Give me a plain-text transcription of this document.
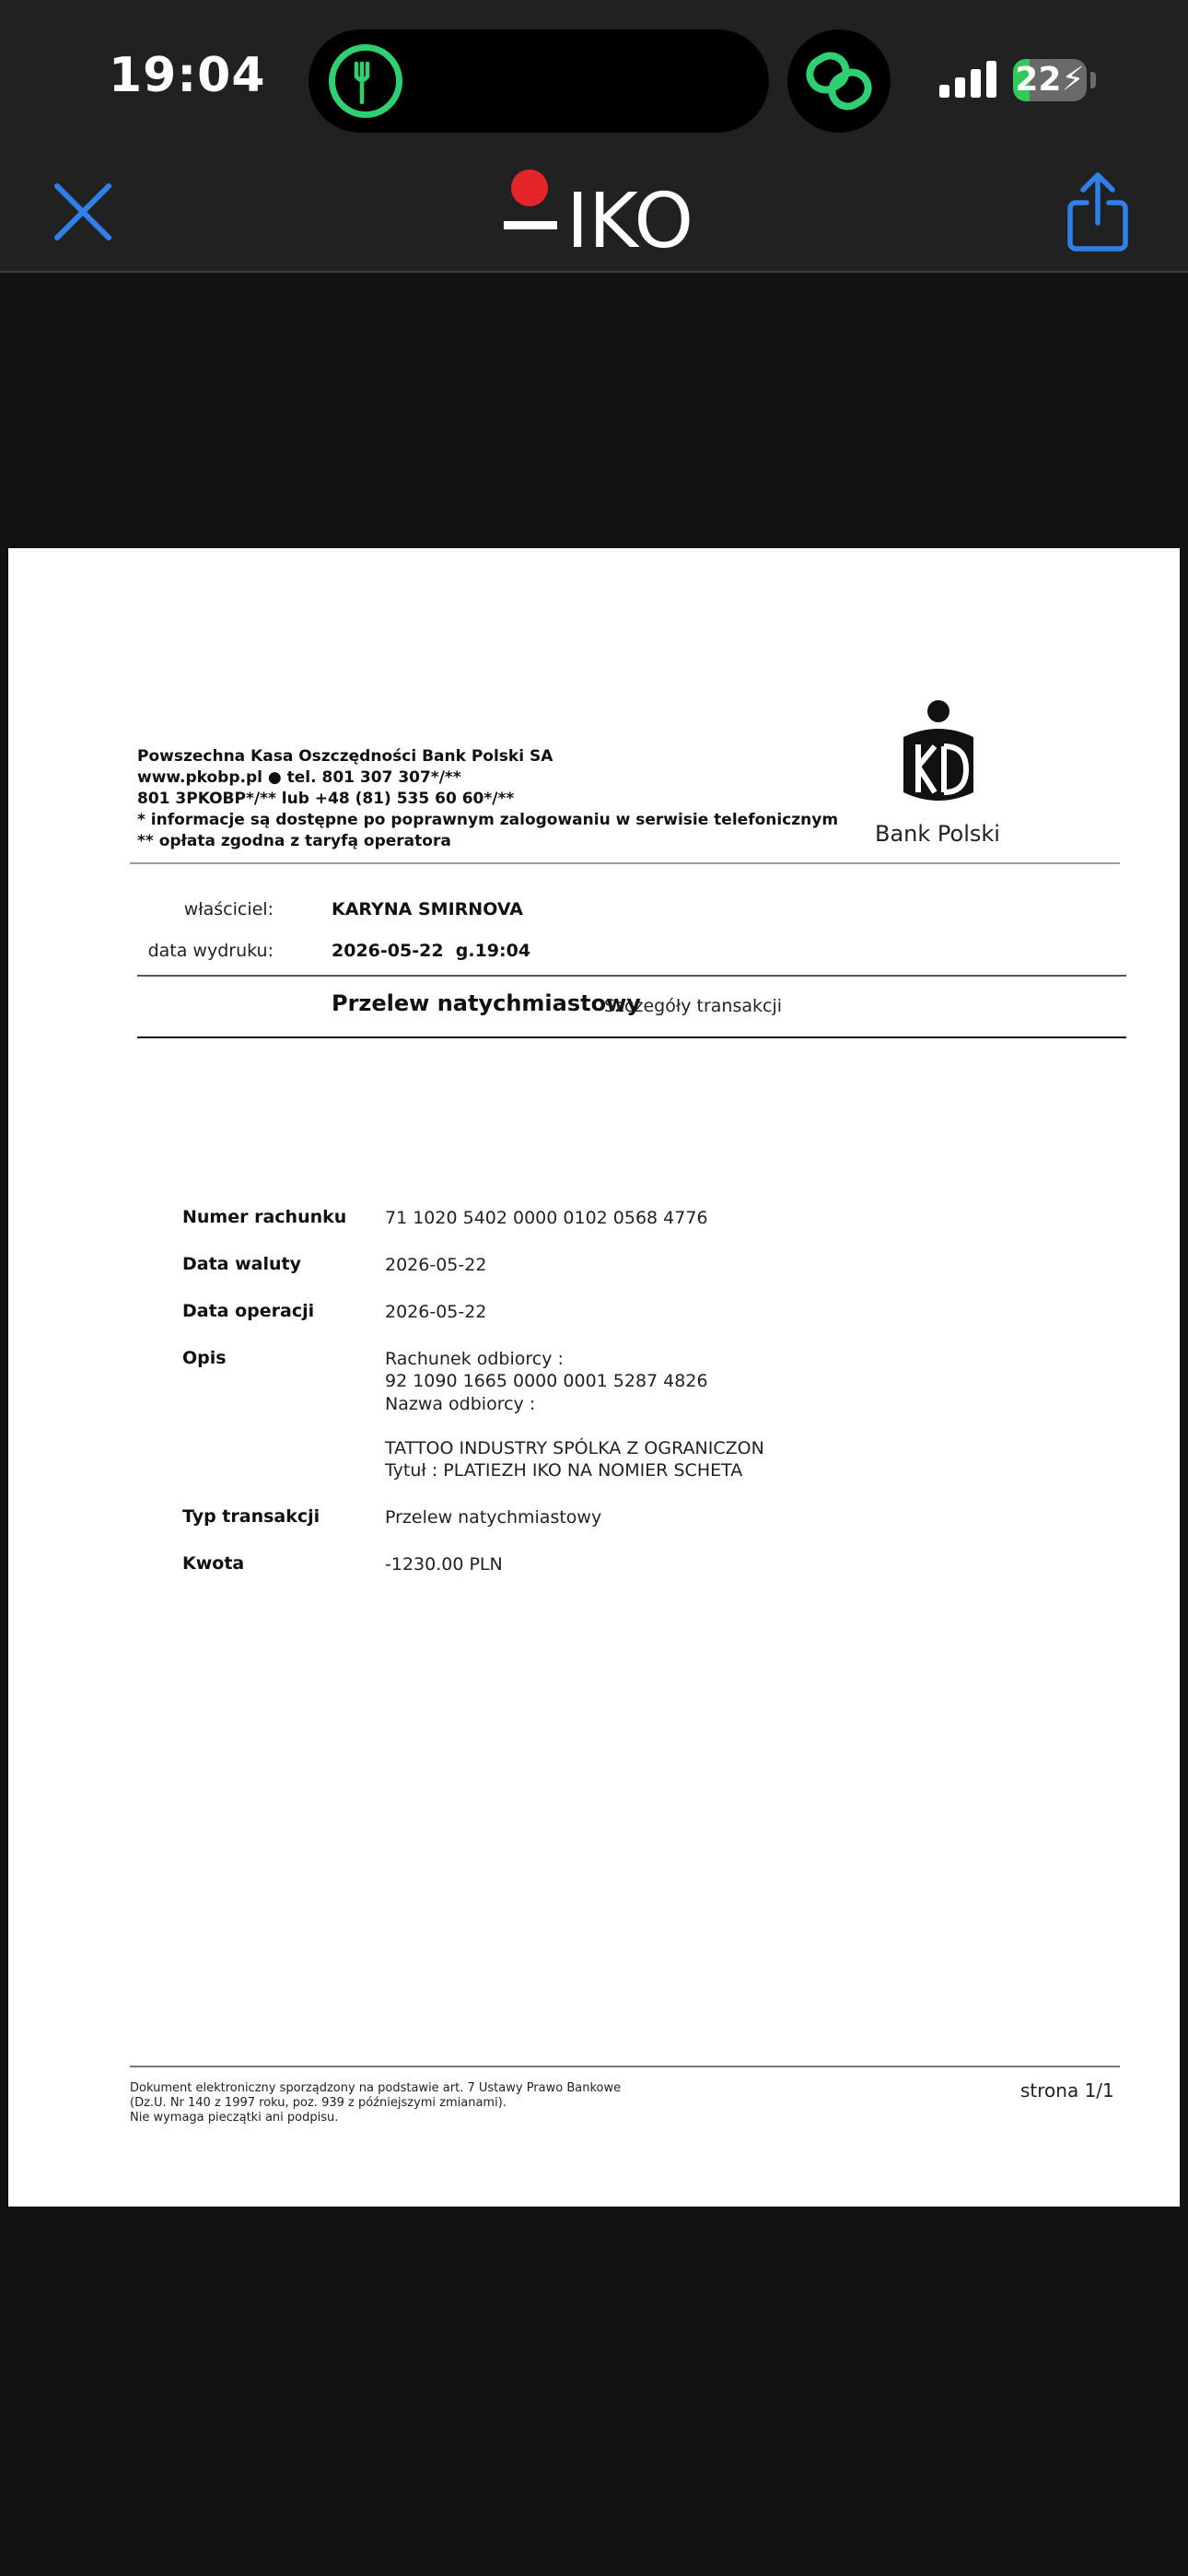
19:04	22⚡︎
IKO
Powszechna Kasa Oszczędności Bank Polski SA
www.pkobp.pl ● tel. 801 307 307*/**
801 3PKOBP*/** lub +48 (81) 535 60 60*/**
* informacje są dostępne po poprawnym zalogowaniu w serwisie telefonicznym
** opłata zgodna z taryfą operatora	Bank Polski
właściciel:	KARYNA SMIRNOVA
data wydruku:	2026-05-22  g.19:04
Przelew natychmiastowy
Szczegóły transakcji
Numer rachunku 71 1020 5402 0000 0102 0568 4776
Data waluty	2026-05-22
Data operacji	2026-05-22
Opis	Rachunek odbiorcy :
92 1090 1665 0000 0001 5287 4826
Nazwa odbiorcy :
TATTOO INDUSTRY SPÓLKA Z OGRANICZON
Tytuł : PLATIEZH IKO NA NOMIER SCHETA
Typ transakcji	Przelew natychmiastowy
Kwota	-1230.00 PLN
Dokument elektroniczny sporządzony na podstawie art. 7 Ustawy Prawo Bankowe
(Dz.U. Nr 140 z 1997 roku, poz. 939 z późniejszymi zmianami).
Nie wymaga pieczątki ani podpisu.
strona 1/1
